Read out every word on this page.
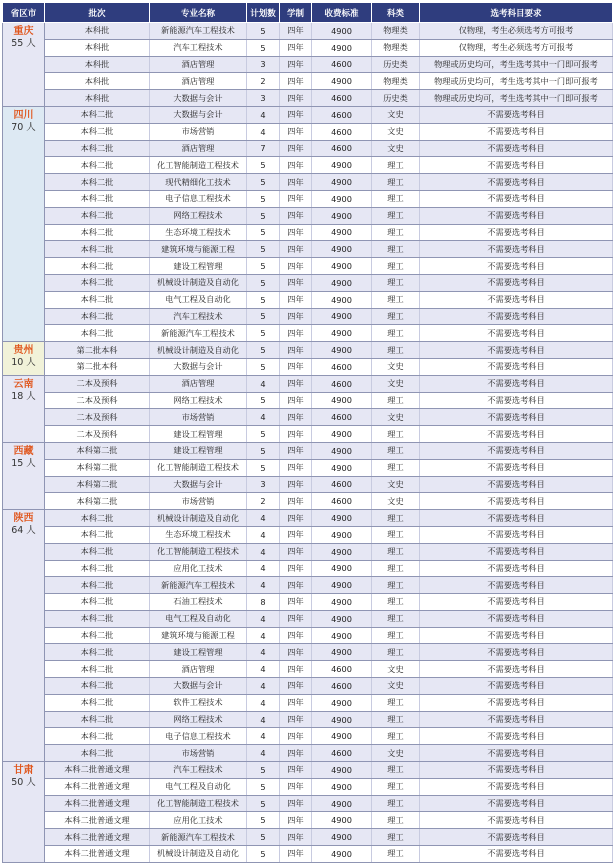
省区市	批次	专业名称	计划数	学制	收费标准	科类	选考科目要求

重庆
55 人	本科批	新能源汽车工程技术	5	四年	4900	物理类	仅物理，考生必须选考方可报考
	本科批	汽车工程技术	5	四年	4900	物理类	仅物理，考生必须选考方可报考
	本科批	酒店管理	3	四年	4600	历史类	物理或历史均可，考生选考其中一门即可报考
	本科批	酒店管理	2	四年	4900	物理类	物理或历史均可，考生选考其中一门即可报考
	本科批	大数据与会计	3	四年	4600	历史类	物理或历史均可，考生选考其中一门即可报考

四川
70 人	本科二批	大数据与会计	4	四年	4600	文史	不需要选考科目
	本科二批	市场营销	4	四年	4600	文史	不需要选考科目
	本科二批	酒店管理	7	四年	4600	文史	不需要选考科目
	本科二批	化工智能制造工程技术	5	四年	4900	理工	不需要选考科目
	本科二批	现代精细化工技术	5	四年	4900	理工	不需要选考科目
	本科二批	电子信息工程技术	5	四年	4900	理工	不需要选考科目
	本科二批	网络工程技术	5	四年	4900	理工	不需要选考科目
	本科二批	生态环境工程技术	5	四年	4900	理工	不需要选考科目
	本科二批	建筑环境与能源工程	5	四年	4900	理工	不需要选考科目
	本科二批	建设工程管理	5	四年	4900	理工	不需要选考科目
	本科二批	机械设计制造及自动化	5	四年	4900	理工	不需要选考科目
	本科二批	电气工程及自动化	5	四年	4900	理工	不需要选考科目
	本科二批	汽车工程技术	5	四年	4900	理工	不需要选考科目
	本科二批	新能源汽车工程技术	5	四年	4900	理工	不需要选考科目

贵州
10 人	第二批本科	机械设计制造及自动化	5	四年	4900	理工	不需要选考科目
	第二批本科	大数据与会计	5	四年	4600	文史	不需要选考科目

云南
18 人	二本及预科	酒店管理	4	四年	4600	文史	不需要选考科目
	二本及预科	网络工程技术	5	四年	4900	理工	不需要选考科目
	二本及预科	市场营销	4	四年	4600	文史	不需要选考科目
	二本及预科	建设工程管理	5	四年	4900	理工	不需要选考科目

西藏
15 人	本科第二批	建设工程管理	5	四年	4900	理工	不需要选考科目
	本科第二批	化工智能制造工程技术	5	四年	4900	理工	不需要选考科目
	本科第二批	大数据与会计	3	四年	4600	文史	不需要选考科目
	本科第二批	市场营销	2	四年	4600	文史	不需要选考科目

陕西
64 人	本科二批	机械设计制造及自动化	4	四年	4900	理工	不需要选考科目
	本科二批	生态环境工程技术	4	四年	4900	理工	不需要选考科目
	本科二批	化工智能制造工程技术	4	四年	4900	理工	不需要选考科目
	本科二批	应用化工技术	4	四年	4900	理工	不需要选考科目
	本科二批	新能源汽车工程技术	4	四年	4900	理工	不需要选考科目
	本科二批	石油工程技术	8	四年	4900	理工	不需要选考科目
	本科二批	电气工程及自动化	4	四年	4900	理工	不需要选考科目
	本科二批	建筑环境与能源工程	4	四年	4900	理工	不需要选考科目
	本科二批	建设工程管理	4	四年	4900	理工	不需要选考科目
	本科二批	酒店管理	4	四年	4600	文史	不需要选考科目
	本科二批	大数据与会计	4	四年	4600	文史	不需要选考科目
	本科二批	软件工程技术	4	四年	4900	理工	不需要选考科目
	本科二批	网络工程技术	4	四年	4900	理工	不需要选考科目
	本科二批	电子信息工程技术	4	四年	4900	理工	不需要选考科目
	本科二批	市场营销	4	四年	4600	文史	不需要选考科目

甘肃
50 人	本科二批普通文理	汽车工程技术	5	四年	4900	理工	不需要选考科目
	本科二批普通文理	电气工程及自动化	5	四年	4900	理工	不需要选考科目
	本科二批普通文理	化工智能制造工程技术	5	四年	4900	理工	不需要选考科目
	本科二批普通文理	应用化工技术	5	四年	4900	理工	不需要选考科目
	本科二批普通文理	新能源汽车工程技术	5	四年	4900	理工	不需要选考科目
	本科二批普通文理	机械设计制造及自动化	5	四年	4900	理工	不需要选考科目
